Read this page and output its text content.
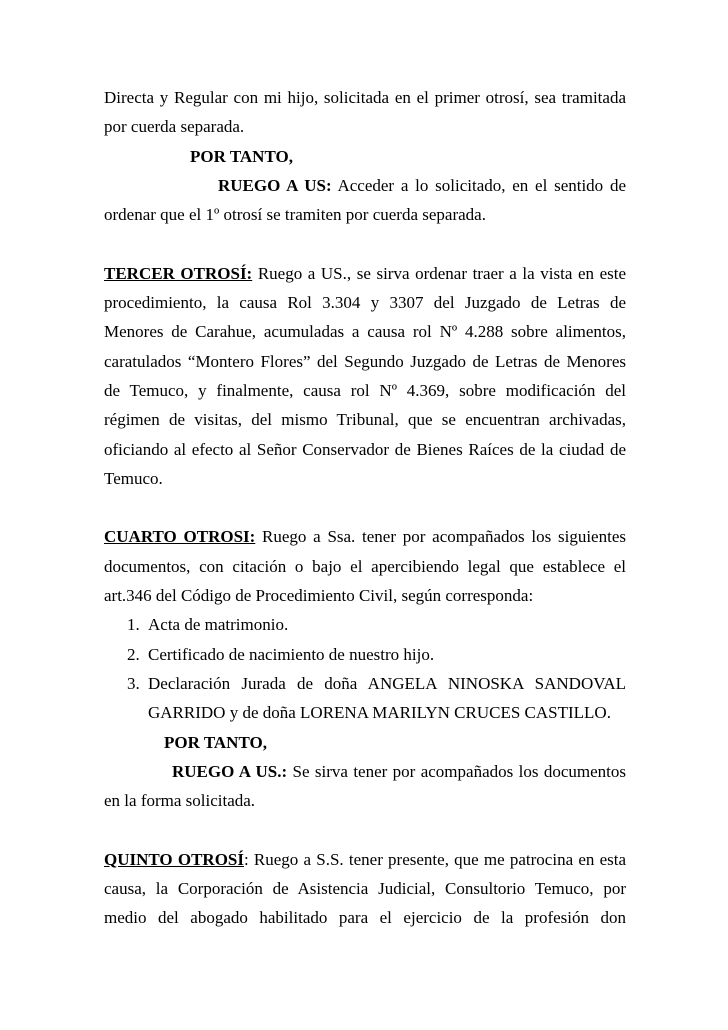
Directa y Regular con mi hijo, solicitada en el primer otrosí, sea tramitada
por cuerda separada.
POR TANTO,
RUEGO A US: Acceder a lo solicitado, en el sentido de
ordenar que el 1º otrosí se tramiten por cuerda separada.
TERCER OTROSÍ: Ruego a US., se sirva ordenar traer a la vista en este
procedimiento, la causa Rol 3.304 y 3307 del Juzgado de Letras de
Menores de Carahue, acumuladas a causa rol Nº 4.288 sobre alimentos,
caratulados “Montero Flores” del Segundo Juzgado de Letras de Menores
de Temuco, y finalmente, causa rol Nº 4.369, sobre modificación del
régimen de visitas, del mismo Tribunal, que se encuentran archivadas,
oficiando al efecto al Señor Conservador de Bienes Raíces de la ciudad de
Temuco.
CUARTO OTROSI: Ruego a Ssa. tener por acompañados los siguientes
documentos, con citación o bajo el apercibiendo legal que establece el
art.346 del Código de Procedimiento Civil, según corresponda:
1. Acta de matrimonio.
2. Certificado de nacimiento de nuestro hijo.
3. Declaración Jurada de doña ANGELA NINOSKA SANDOVAL
GARRIDO y de doña LORENA MARILYN CRUCES CASTILLO.
POR TANTO,
RUEGO A US.: Se sirva tener por acompañados los documentos
en la forma solicitada.
QUINTO OTROSÍ: Ruego a S.S. tener presente, que me patrocina en esta
causa, la Corporación de Asistencia Judicial, Consultorio Temuco, por
medio del abogado habilitado para el ejercicio de la profesión don
